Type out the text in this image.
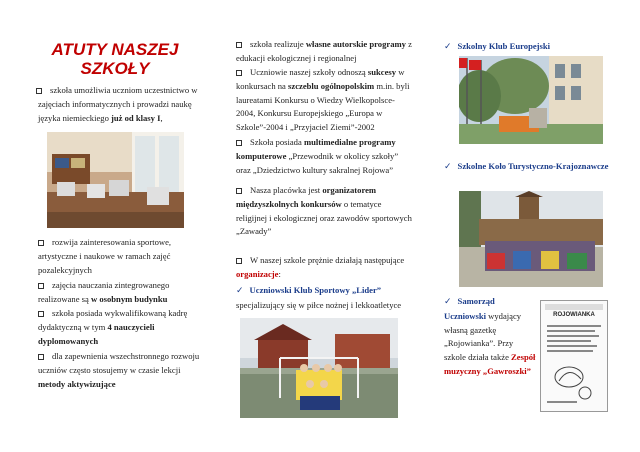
ATUTY NASZEJ SZKOŁY
szkoła umożliwia uczniom uczestnictwo w zajęciach informatycznych i prowadzi naukę języka niemieckiego już od klasy I,
rozwija zainteresowania sportowe, artystyczne i naukowe w ramach zajęć pozalekcyjnych
zajęcia nauczania zintegrowanego realizowane są w osobnym budynku
szkoła posiada wykwalifikowaną kadrę dydaktyczną w tym 4 nauczycieli dyplomowanych
dla zapewnienia wszechstronnego rozwoju uczniów często stosujemy w czasie lekcji metody aktywizujące
szkoła realizuje własne autorskie programy z edukacji ekologicznej i regionalnej
Uczniowie naszej szkoły odnoszą sukcesy w konkursach na szczeblu ogólnopolskim m.in. byli laureatami Konkursu o Wiedzy Wielkopolsce- 2004, Konkursu Europejskiego „Europa w Szkole”-2004 i „Przyjaciel Ziemi”-2002
Szkoła posiada multimedialne programy komputerowe „Przewodnik w okolicy szkoły” oraz „Dziedzictwo kultury sakralnej Rojowa”
Nasza placówka jest organizatorem międzyszkolnych konkursów o tematyce religijnej i ekologicznej oraz zawodów sportowych „Zawady”
W naszej szkole prężnie działają następujące organizacje:
✓ Uczniowski Klub Sportowy „Lider” specjalizujący się w piłce nożnej i lekkoatletyce
✓ Szkolny Klub Europejski
✓ Szkolne Koło Turystyczno-Krajoznawcze
✓ Samorząd Uczniowski wydający własną gazetkę „Rojowianka”. Przy szkole działa także Zespół muzyczny „Gawroszki”
ROJOWIANKA
